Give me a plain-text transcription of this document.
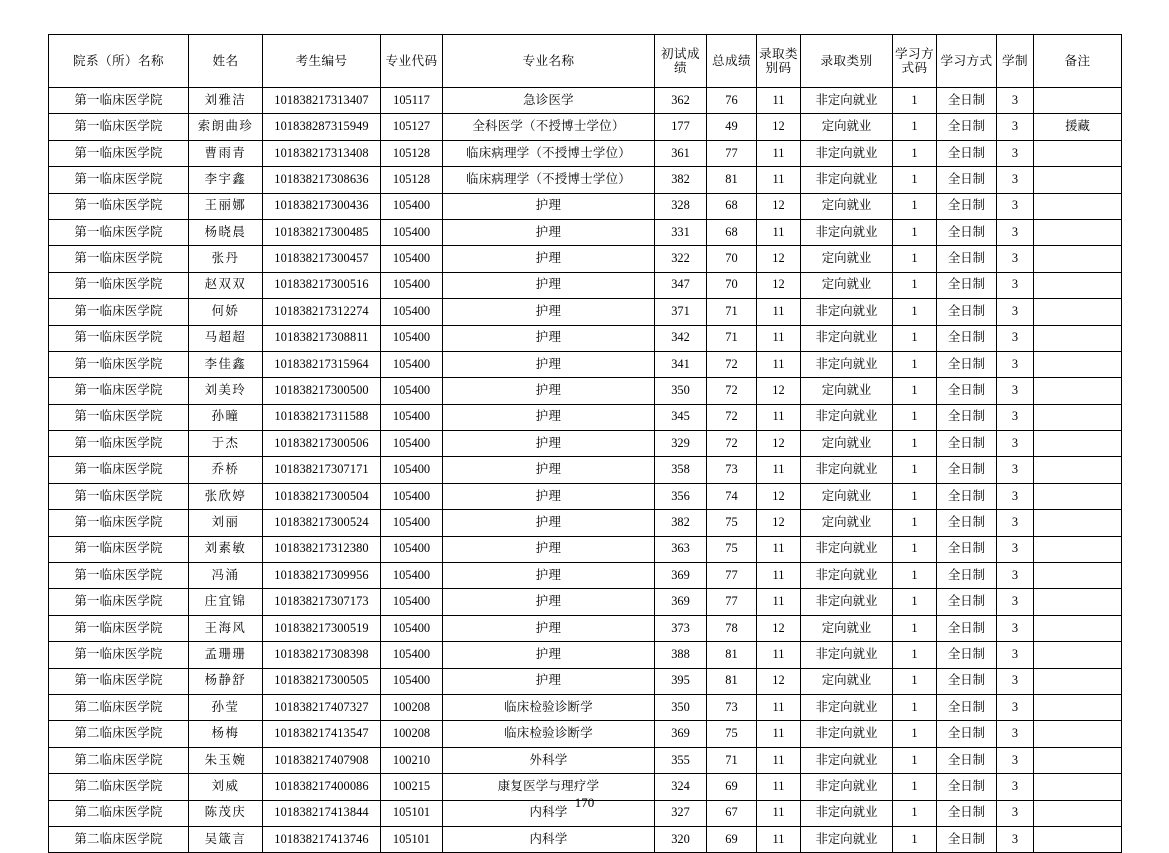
院系（所）名称	姓名	考生编号	专业代码	专业名称	初试成绩	总成绩	录取类别码	录取类别	学习方式码	学习方式	学制	备注

第一临床医学院	刘雅洁	101838217313407	105117	急诊医学	362	76	11	非定向就业	1	全日制	3	
第一临床医学院	索朗曲珍	101838287315949	105127	全科医学（不授博士学位）	177	49	12	定向就业	1	全日制	3	援藏
第一临床医学院	曹雨青	101838217313408	105128	临床病理学（不授博士学位）	361	77	11	非定向就业	1	全日制	3	
第一临床医学院	李宇鑫	101838217308636	105128	临床病理学（不授博士学位）	382	81	11	非定向就业	1	全日制	3	
第一临床医学院	王丽娜	101838217300436	105400	护理	328	68	12	定向就业	1	全日制	3	
第一临床医学院	杨晓晨	101838217300485	105400	护理	331	68	11	非定向就业	1	全日制	3	
第一临床医学院	张丹	101838217300457	105400	护理	322	70	12	定向就业	1	全日制	3	
第一临床医学院	赵双双	101838217300516	105400	护理	347	70	12	定向就业	1	全日制	3	
第一临床医学院	何娇	101838217312274	105400	护理	371	71	11	非定向就业	1	全日制	3	
第一临床医学院	马超超	101838217308811	105400	护理	342	71	11	非定向就业	1	全日制	3	
第一临床医学院	李佳鑫	101838217315964	105400	护理	341	72	11	非定向就业	1	全日制	3	
第一临床医学院	刘美玲	101838217300500	105400	护理	350	72	12	定向就业	1	全日制	3	
第一临床医学院	孙曈	101838217311588	105400	护理	345	72	11	非定向就业	1	全日制	3	
第一临床医学院	于杰	101838217300506	105400	护理	329	72	12	定向就业	1	全日制	3	
第一临床医学院	乔桥	101838217307171	105400	护理	358	73	11	非定向就业	1	全日制	3	
第一临床医学院	张欣婷	101838217300504	105400	护理	356	74	12	定向就业	1	全日制	3	
第一临床医学院	刘丽	101838217300524	105400	护理	382	75	12	定向就业	1	全日制	3	
第一临床医学院	刘素敏	101838217312380	105400	护理	363	75	11	非定向就业	1	全日制	3	
第一临床医学院	冯涌	101838217309956	105400	护理	369	77	11	非定向就业	1	全日制	3	
第一临床医学院	庄宜锦	101838217307173	105400	护理	369	77	11	非定向就业	1	全日制	3	
第一临床医学院	王海风	101838217300519	105400	护理	373	78	12	定向就业	1	全日制	3	
第一临床医学院	孟珊珊	101838217308398	105400	护理	388	81	11	非定向就业	1	全日制	3	
第一临床医学院	杨静舒	101838217300505	105400	护理	395	81	12	定向就业	1	全日制	3	
第二临床医学院	孙莹	101838217407327	100208	临床检验诊断学	350	73	11	非定向就业	1	全日制	3	
第二临床医学院	杨梅	101838217413547	100208	临床检验诊断学	369	75	11	非定向就业	1	全日制	3	
第二临床医学院	朱玉婉	101838217407908	100210	外科学	355	71	11	非定向就业	1	全日制	3	
第二临床医学院	刘威	101838217400086	100215	康复医学与理疗学	324	69	11	非定向就业	1	全日制	3	
第二临床医学院	陈茂庆	101838217413844	105101	内科学	327	67	11	非定向就业	1	全日制	3	
第二临床医学院	吴箴言	101838217413746	105101	内科学	320	69	11	非定向就业	1	全日制	3	
170
